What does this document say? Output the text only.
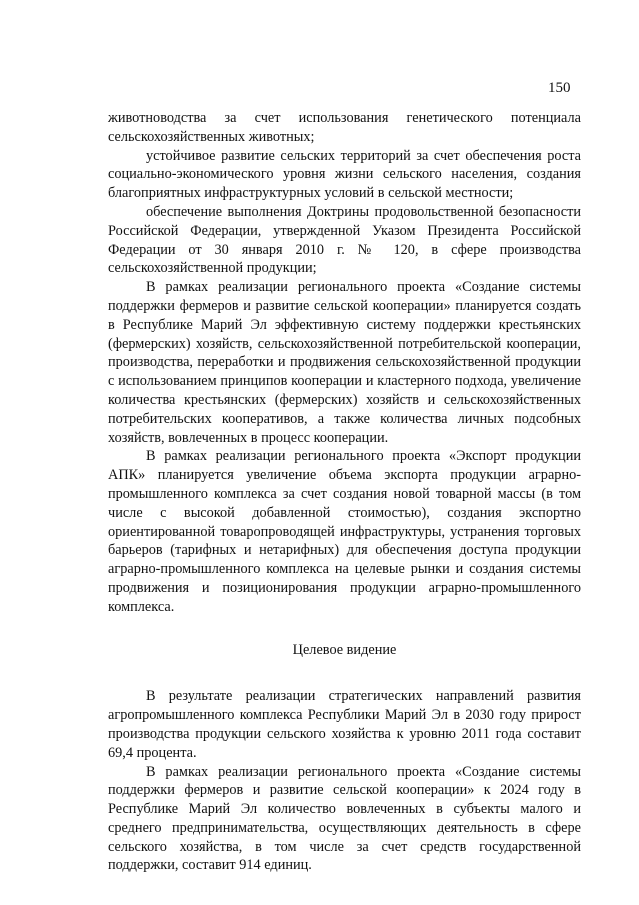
150

животноводства за счет использования генетического потенциала сельскохозяйственных животных;

устойчивое развитие сельских территорий за счет обеспечения роста социально-экономического уровня жизни сельского населения, создания благоприятных инфраструктурных условий в сельской местности;

обеспечение выполнения Доктрины продовольственной безопасности Российской Федерации, утвержденной Указом Президента Российской Федерации от 30 января 2010 г. № 120, в сфере производства сельскохозяйственной продукции;

В рамках реализации регионального проекта «Создание системы поддержки фермеров и развитие сельской кооперации» планируется создать в Республике Марий Эл эффективную систему поддержки крестьянских (фермерских) хозяйств, сельскохозяйственной потребительской кооперации, производства, переработки и продвижения сельскохозяйственной продукции с использованием принципов кооперации и кластерного подхода, увеличение количества крестьянских (фермерских) хозяйств и сельскохозяйственных потребительских кооперативов, а также количества личных подсобных хозяйств, вовлеченных в процесс кооперации.

В рамках реализации регионального проекта «Экспорт продукции АПК» планируется увеличение объема экспорта продукции аграрно-промышленного комплекса за счет создания новой товарной массы (в том числе с высокой добавленной стоимостью), создания экспортно ориентированной товаропроводящей инфраструктуры, устранения торговых барьеров (тарифных и нетарифных) для обеспечения доступа продукции аграрно-промышленного комплекса на целевые рынки и создания системы продвижения и позиционирования продукции аграрно-промышленного комплекса.

Целевое видение

В результате реализации стратегических направлений развития агропромышленного комплекса Республики Марий Эл в 2030 году прирост производства продукции сельского хозяйства к уровню 2011 года составит 69,4 процента.

В рамках реализации регионального проекта «Создание системы поддержки фермеров и развитие сельской кооперации» к 2024 году в Республике Марий Эл количество вовлеченных в субъекты малого и среднего предпринимательства, осуществляющих деятельность в сфере сельского хозяйства, в том числе за счет средств государственной поддержки, составит 914 единиц.
